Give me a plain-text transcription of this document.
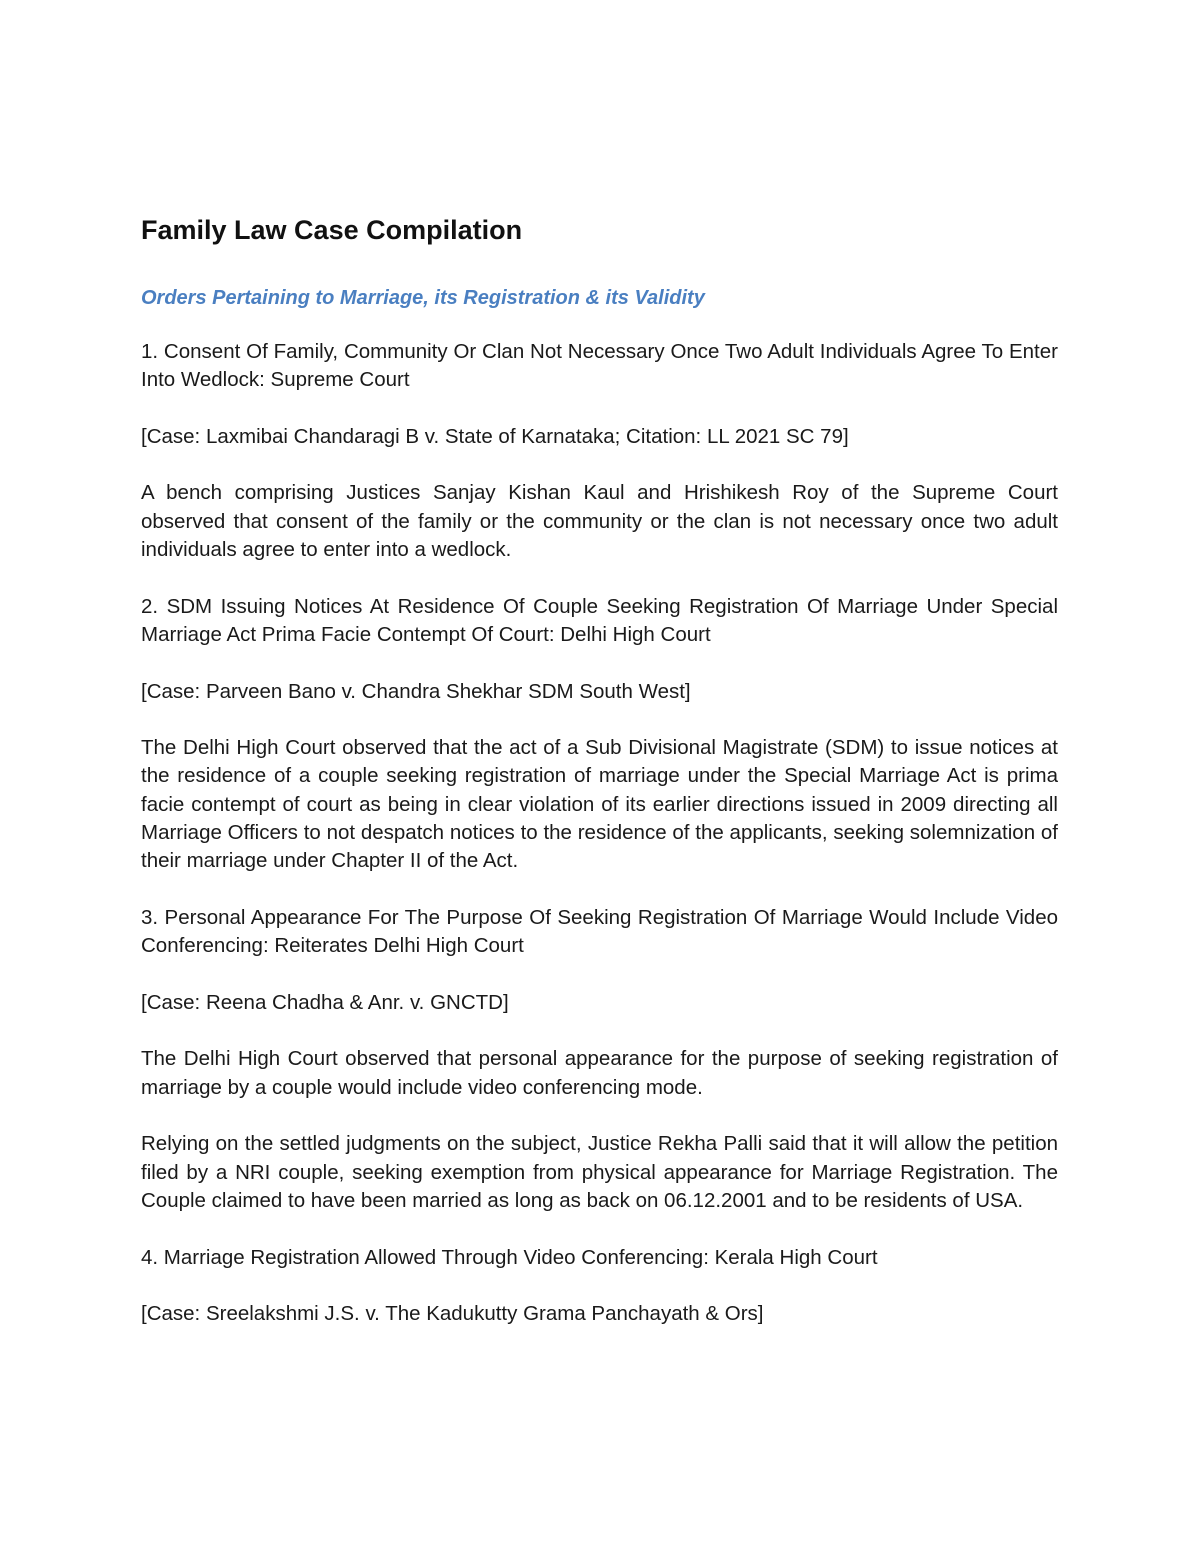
Family Law Case Compilation
Orders Pertaining to Marriage, its Registration & its Validity

1. Consent Of Family, Community Or Clan Not Necessary Once Two Adult Individuals Agree To Enter Into Wedlock: Supreme Court

[Case: Laxmibai Chandaragi B v. State of Karnataka; Citation: LL 2021 SC 79]

A bench comprising Justices Sanjay Kishan Kaul and Hrishikesh Roy of the Supreme Court observed that consent of the family or the community or the clan is not necessary once two adult individuals agree to enter into a wedlock.

2. SDM Issuing Notices At Residence Of Couple Seeking Registration Of Marriage Under Special Marriage Act Prima Facie Contempt Of Court: Delhi High Court

[Case: Parveen Bano v. Chandra Shekhar SDM South West]

The Delhi High Court observed that the act of a Sub Divisional Magistrate (SDM) to issue notices at the residence of a couple seeking registration of marriage under the Special Marriage Act is prima facie contempt of court as being in clear violation of its earlier directions issued in 2009 directing all Marriage Officers to not despatch notices to the residence of the applicants, seeking solemnization of their marriage under Chapter II of the Act.

3. Personal Appearance For The Purpose Of Seeking Registration Of Marriage Would Include Video Conferencing: Reiterates Delhi High Court

[Case: Reena Chadha & Anr. v. GNCTD]

The Delhi High Court observed that personal appearance for the purpose of seeking registration of marriage by a couple would include video conferencing mode.

Relying on the settled judgments on the subject, Justice Rekha Palli said that it will allow the petition filed by a NRI couple, seeking exemption from physical appearance for Marriage Registration. The Couple claimed to have been married as long as back on 06.12.2001 and to be residents of USA.

4. Marriage Registration Allowed Through Video Conferencing: Kerala High Court

[Case: Sreelakshmi J.S. v. The Kadukutty Grama Panchayath & Ors]
